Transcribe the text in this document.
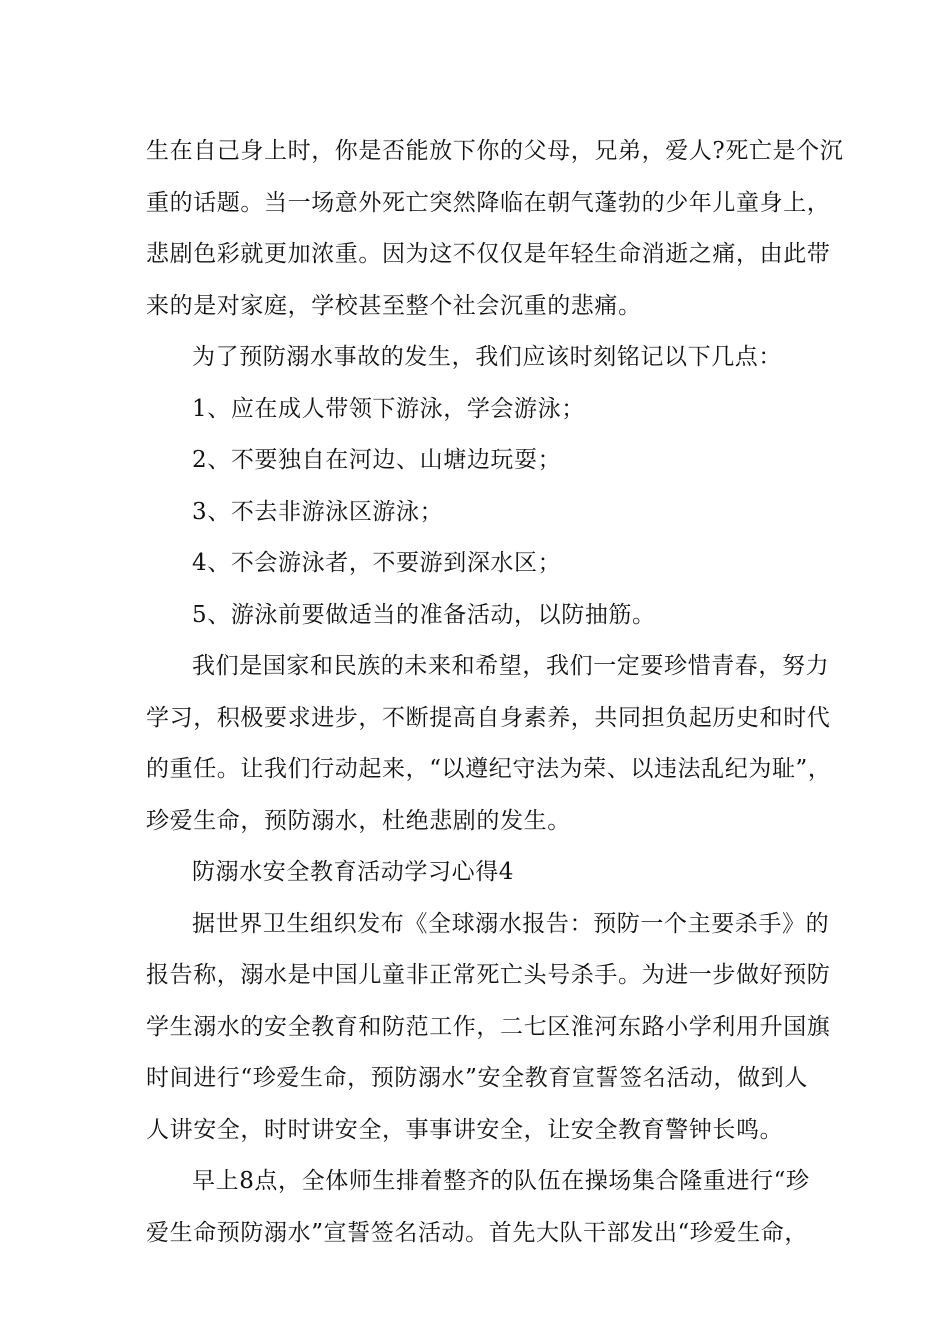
生在自己身上时，你是否能放下你的父母，兄弟，爱人?死亡是个沉
重的话题。当一场意外死亡突然降临在朝气蓬勃的少年儿童身上，
悲剧色彩就更加浓重。因为这不仅仅是年轻生命消逝之痛，由此带
来的是对家庭，学校甚至整个社会沉重的悲痛。
为了预防溺水事故的发生，我们应该时刻铭记以下几点：
1、应在成人带领下游泳，学会游泳；
2、不要独自在河边、山塘边玩耍；
3、不去非游泳区游泳；
4、不会游泳者，不要游到深水区；
5、游泳前要做适当的准备活动，以防抽筋。
我们是国家和民族的未来和希望，我们一定要珍惜青春，努力
学习，积极要求进步，不断提高自身素养，共同担负起历史和时代
的重任。让我们行动起来，“以遵纪守法为荣、以违法乱纪为耻”，
珍爱生命，预防溺水，杜绝悲剧的发生。
防溺水安全教育活动学习心得4
据世界卫生组织发布《全球溺水报告：预防一个主要杀手》的
报告称，溺水是中国儿童非正常死亡头号杀手。为进一步做好预防
学生溺水的安全教育和防范工作，二七区淮河东路小学利用升国旗
时间进行“珍爱生命，预防溺水”安全教育宣誓签名活动，做到人
人讲安全，时时讲安全，事事讲安全，让安全教育警钟长鸣。
早上8点，全体师生排着整齐的队伍在操场集合隆重进行“珍
爱生命预防溺水”宣誓签名活动。首先大队干部发出“珍爱生命，
